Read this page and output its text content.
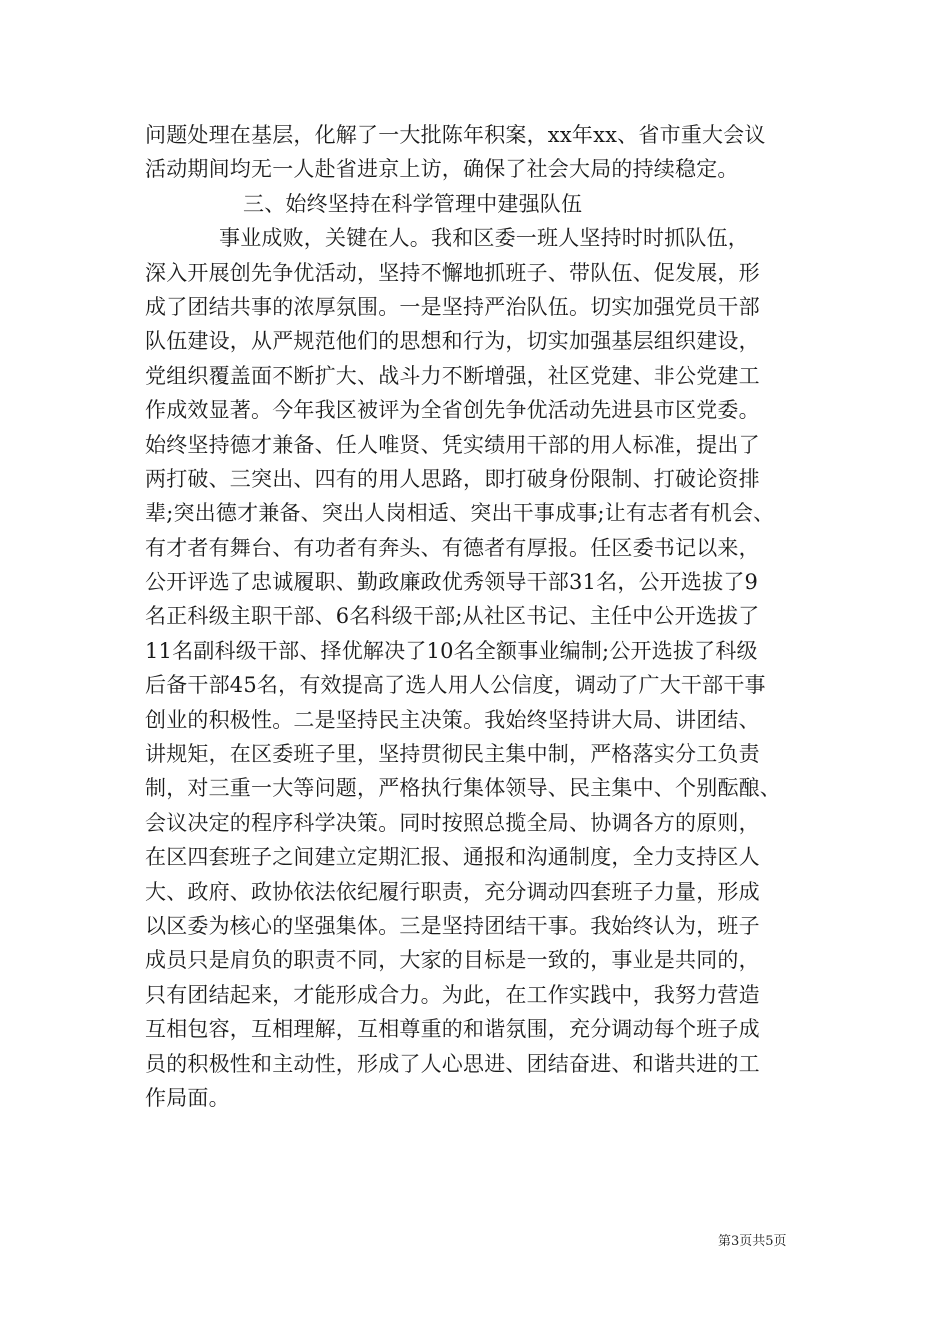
问题处理在基层，化解了一大批陈年积案，xx年xx、省市重大会议
活动期间均无一人赴省进京上访，确保了社会大局的持续稳定。
三、始终坚持在科学管理中建强队伍
事业成败，关键在人。我和区委一班人坚持时时抓队伍，
深入开展创先争优活动，坚持不懈地抓班子、带队伍、促发展，形
成了团结共事的浓厚氛围。一是坚持严治队伍。切实加强党员干部
队伍建设，从严规范他们的思想和行为，切实加强基层组织建设，
党组织覆盖面不断扩大、战斗力不断增强，社区党建、非公党建工
作成效显著。今年我区被评为全省创先争优活动先进县市区党委。
始终坚持德才兼备、任人唯贤、凭实绩用干部的用人标准，提出了
两打破、三突出、四有的用人思路，即打破身份限制、打破论资排
辈;突出德才兼备、突出人岗相适、突出干事成事;让有志者有机会、
有才者有舞台、有功者有奔头、有德者有厚报。任区委书记以来，
公开评选了忠诚履职、勤政廉政优秀领导干部31名，公开选拔了9
名正科级主职干部、6名科级干部;从社区书记、主任中公开选拔了
11名副科级干部、择优解决了10名全额事业编制;公开选拔了科级
后备干部45名，有效提高了选人用人公信度，调动了广大干部干事
创业的积极性。二是坚持民主决策。我始终坚持讲大局、讲团结、
讲规矩，在区委班子里，坚持贯彻民主集中制，严格落实分工负责
制，对三重一大等问题，严格执行集体领导、民主集中、个别酝酿、
会议决定的程序科学决策。同时按照总揽全局、协调各方的原则，
在区四套班子之间建立定期汇报、通报和沟通制度，全力支持区人
大、政府、政协依法依纪履行职责，充分调动四套班子力量，形成
以区委为核心的坚强集体。三是坚持团结干事。我始终认为，班子
成员只是肩负的职责不同，大家的目标是一致的，事业是共同的，
只有团结起来，才能形成合力。为此，在工作实践中，我努力营造
互相包容，互相理解，互相尊重的和谐氛围，充分调动每个班子成
员的积极性和主动性，形成了人心思进、团结奋进、和谐共进的工
作局面。
第3页共5页
